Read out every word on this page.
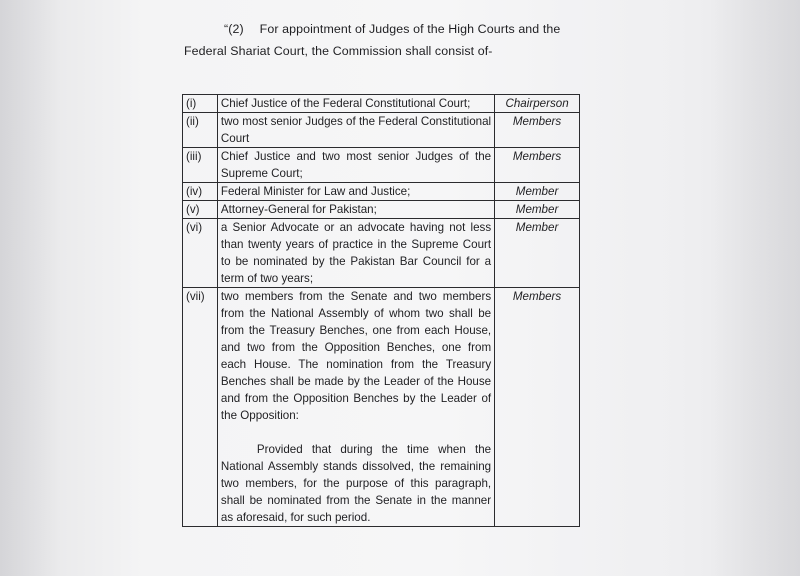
“(2) For appointment of Judges of the High Courts and the
Federal Shariat Court, the Commission shall consist of-
(i)	Chief Justice of the Federal Constitutional Court;	Chairperson
(ii)	two most senior Judges of the Federal Constitutional Court	Members
(iii)	Chief Justice and two most senior Judges of the Supreme Court;	Members
(iv)	Federal Minister for Law and Justice;	Member
(v)	Attorney-General for Pakistan;	Member
(vi)	a Senior Advocate or an advocate having not less than twenty years of practice in the Supreme Court to be nominated by the Pakistan Bar Council for a term of two years;	Member
(vii)	two members from the Senate and two members from the National Assembly of whom two shall be from the Treasury Benches, one from each House, and two from the Opposition Benches, one from each House. The nomination from the Treasury Benches shall be made by the Leader of the House and from the Opposition Benches by the Leader of the Opposition:
Provided that during the time when the National Assembly stands dissolved, the remaining two members, for the purpose of this paragraph, shall be nominated from the Senate in the manner as aforesaid, for such period.	Members
